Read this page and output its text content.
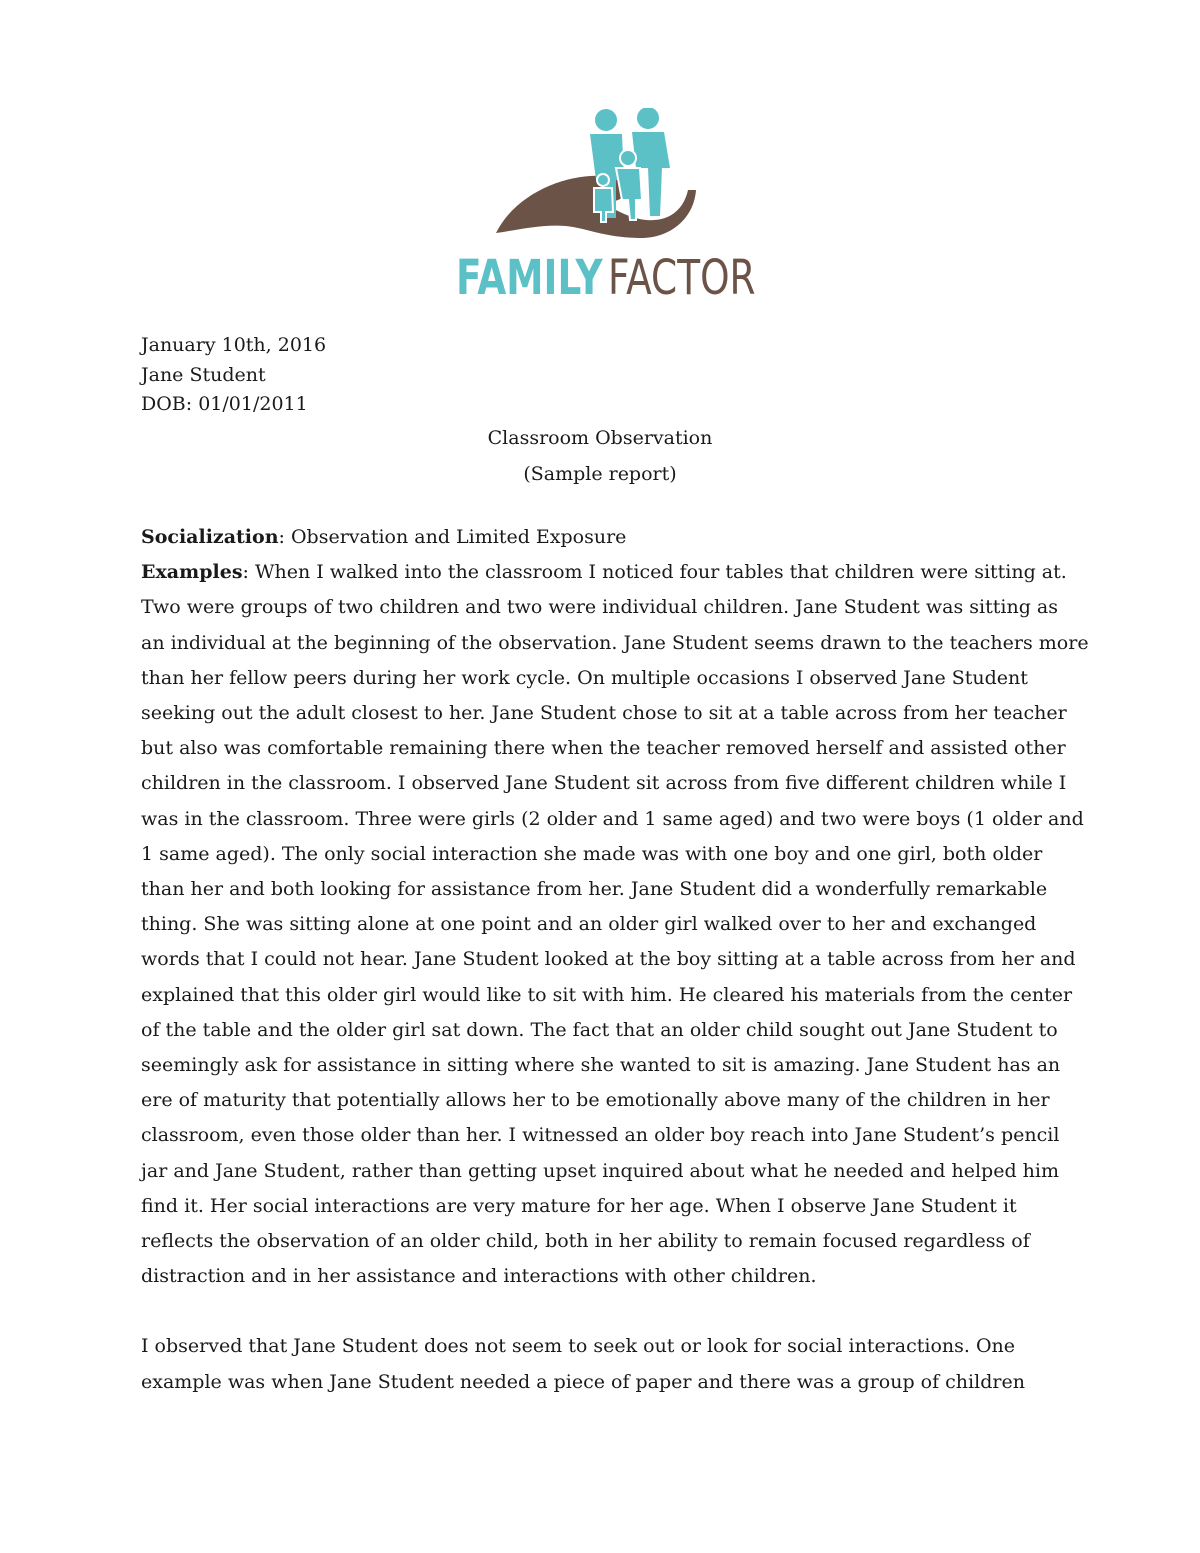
FAMILY FACTOR
January 10th, 2016
Jane Student
DOB: 01/01/2011
Classroom Observation
(Sample report)
Socialization: Observation and Limited Exposure
Examples: When I walked into the classroom I noticed four tables that children were sitting at.
Two were groups of two children and two were individual children. Jane Student was sitting as
an individual at the beginning of the observation. Jane Student seems drawn to the teachers more
than her fellow peers during her work cycle. On multiple occasions I observed Jane Student
seeking out the adult closest to her. Jane Student chose to sit at a table across from her teacher
but also was comfortable remaining there when the teacher removed herself and assisted other
children in the classroom. I observed Jane Student sit across from five different children while I
was in the classroom. Three were girls (2 older and 1 same aged) and two were boys (1 older and
1 same aged). The only social interaction she made was with one boy and one girl, both older
than her and both looking for assistance from her. Jane Student did a wonderfully remarkable
thing. She was sitting alone at one point and an older girl walked over to her and exchanged
words that I could not hear. Jane Student looked at the boy sitting at a table across from her and
explained that this older girl would like to sit with him. He cleared his materials from the center
of the table and the older girl sat down. The fact that an older child sought out Jane Student to
seemingly ask for assistance in sitting where she wanted to sit is amazing. Jane Student has an
ere of maturity that potentially allows her to be emotionally above many of the children in her
classroom, even those older than her. I witnessed an older boy reach into Jane Student’s pencil
jar and Jane Student, rather than getting upset inquired about what he needed and helped him
find it. Her social interactions are very mature for her age. When I observe Jane Student it
reflects the observation of an older child, both in her ability to remain focused regardless of
distraction and in her assistance and interactions with other children.
I observed that Jane Student does not seem to seek out or look for social interactions. One
example was when Jane Student needed a piece of paper and there was a group of children
